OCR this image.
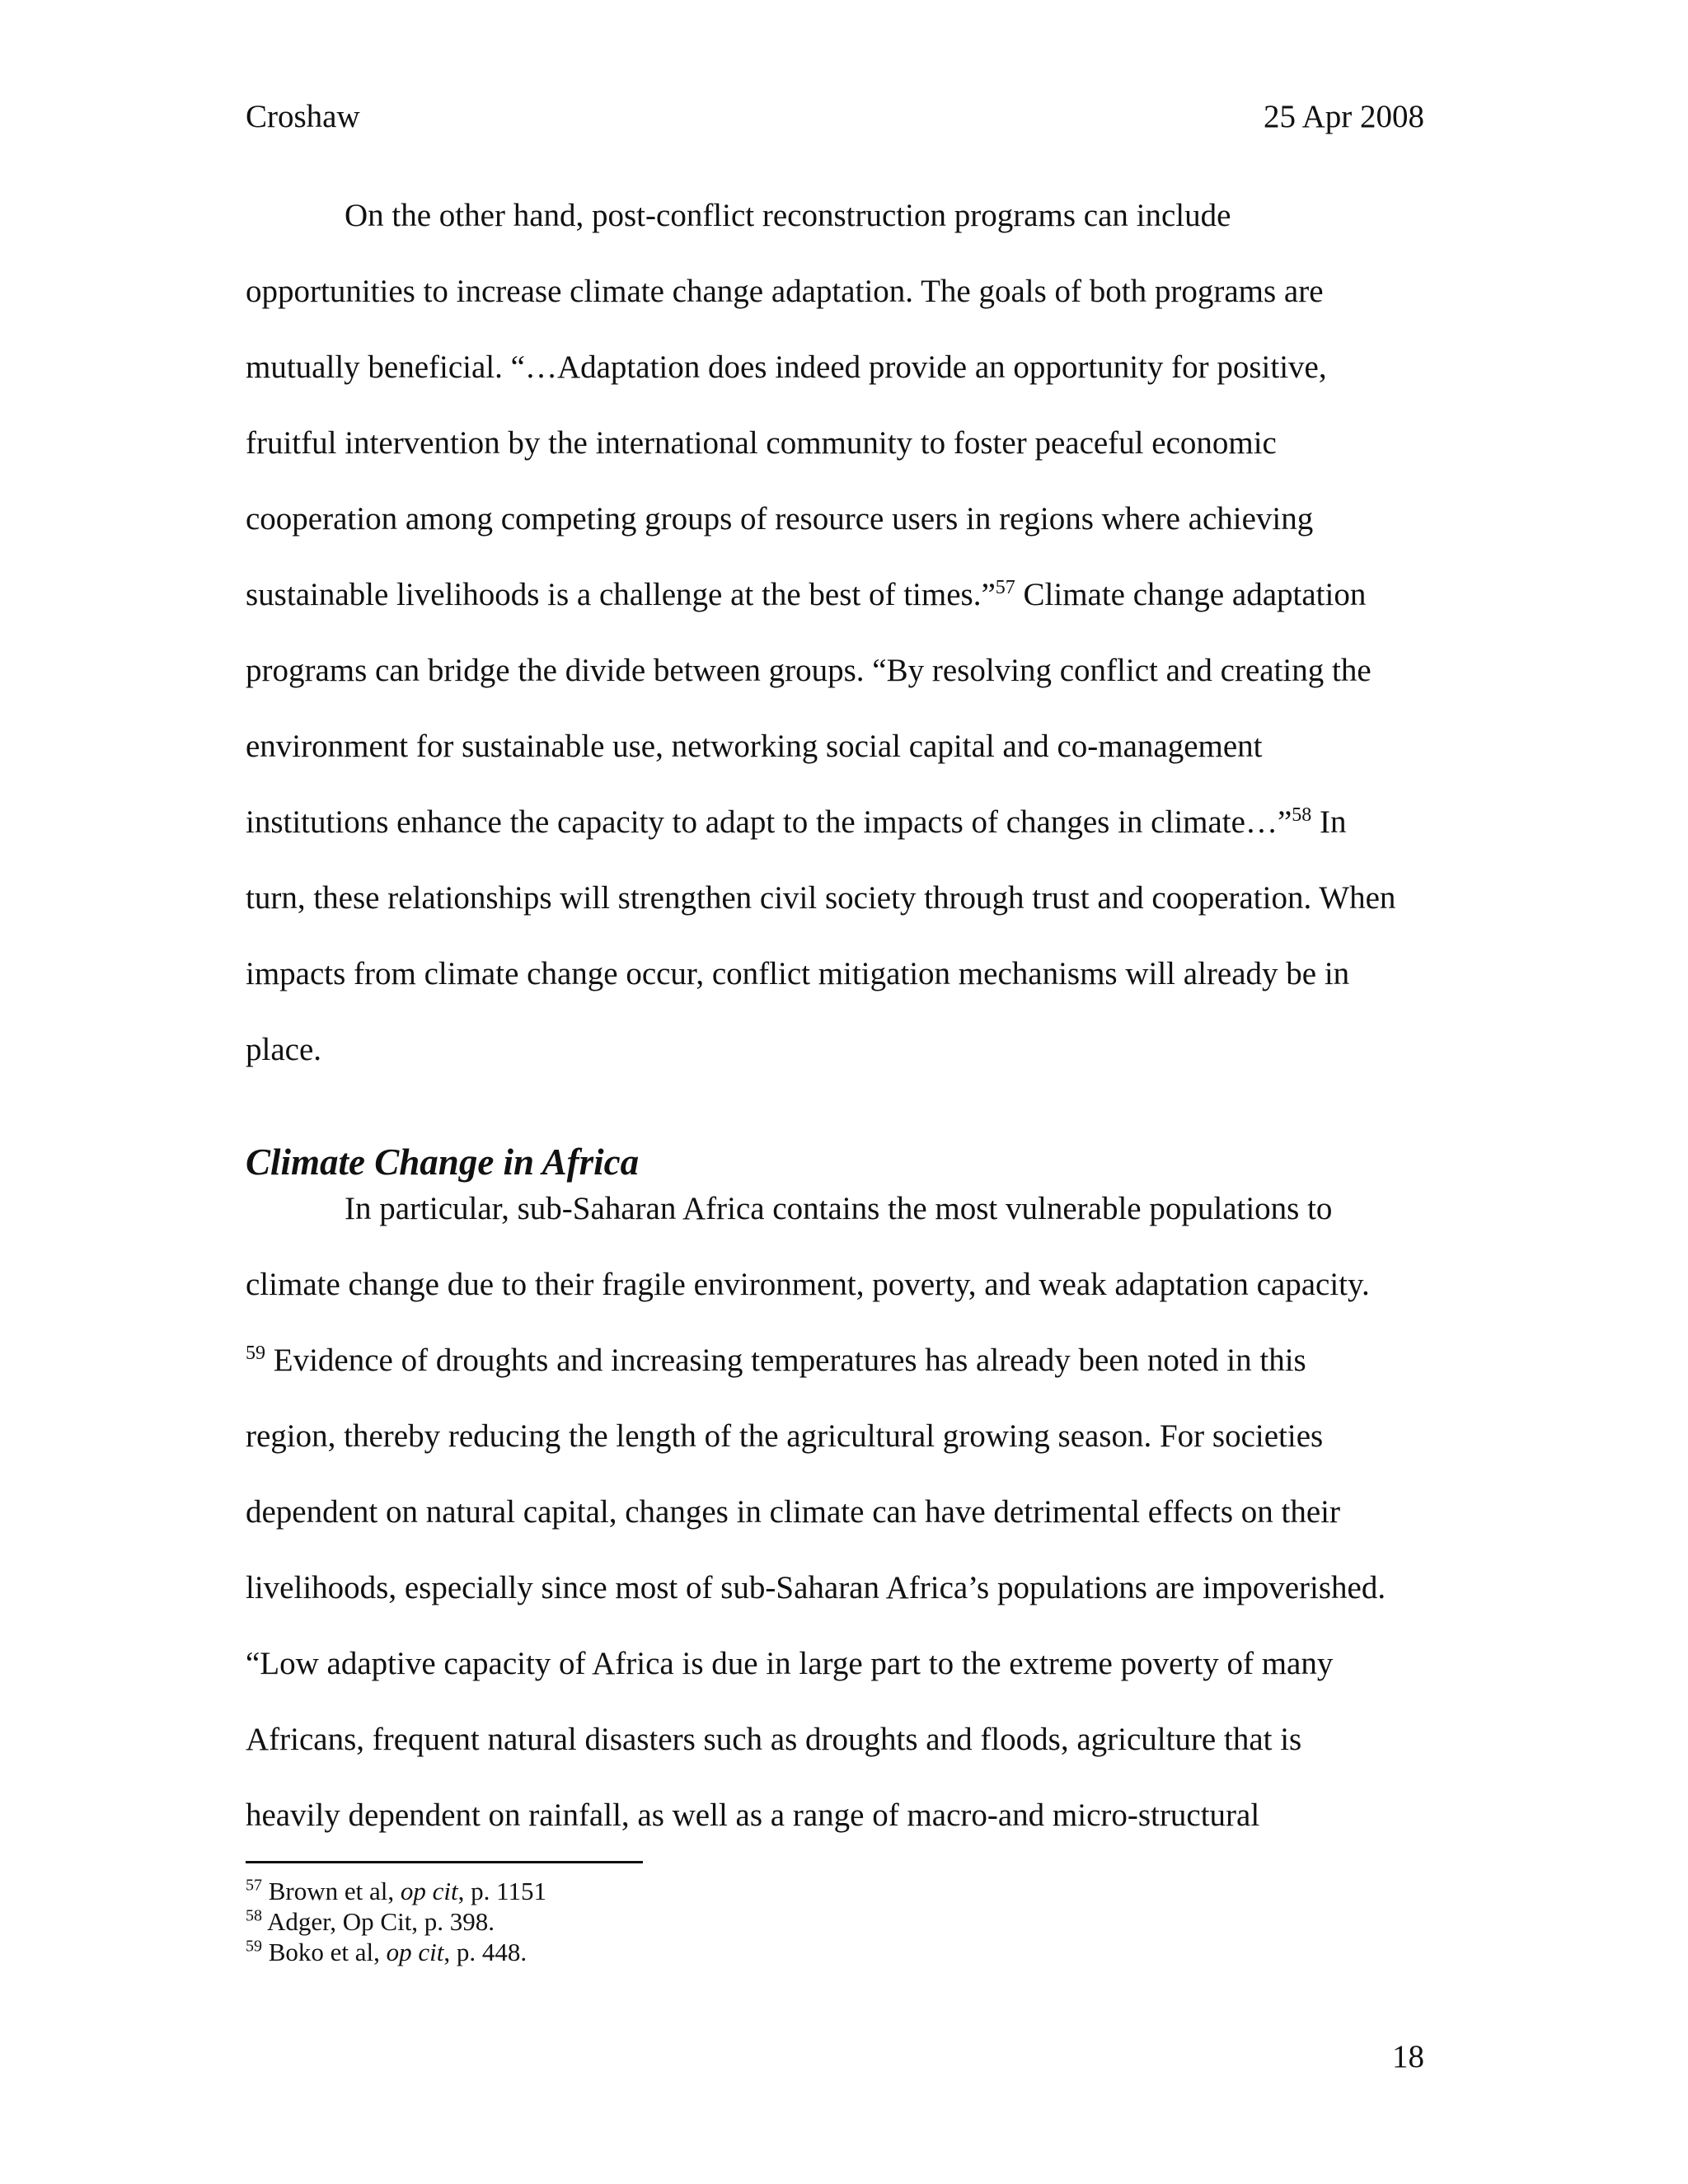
Croshaw	25 Apr 2008
On the other hand, post-conflict reconstruction programs can include
opportunities to increase climate change adaptation. The goals of both programs are
mutually beneficial. “…Adaptation does indeed provide an opportunity for positive,
fruitful intervention by the international community to foster peaceful economic
cooperation among competing groups of resource users in regions where achieving
sustainable livelihoods is a challenge at the best of times.”$^{57}$ Climate change adaptation
programs can bridge the divide between groups. “By resolving conflict and creating the
environment for sustainable use, networking social capital and co-management
institutions enhance the capacity to adapt to the impacts of changes in climate…”$^{58}$ In
turn, these relationships will strengthen civil society through trust and cooperation. When
impacts from climate change occur, conflict mitigation mechanisms will already be in
place.
Climate Change in Africa
In particular, sub-Saharan Africa contains the most vulnerable populations to
climate change due to their fragile environment, poverty, and weak adaptation capacity.
$^{59}$ Evidence of droughts and increasing temperatures has already been noted in this
region, thereby reducing the length of the agricultural growing season. For societies
dependent on natural capital, changes in climate can have detrimental effects on their
livelihoods, especially since most of sub-Saharan Africa’s populations are impoverished.
“Low adaptive capacity of Africa is due in large part to the extreme poverty of many
Africans, frequent natural disasters such as droughts and floods, agriculture that is
heavily dependent on rainfall, as well as a range of macro-and micro-structural
$^{57}$ Brown et al, op cit, p. 1151
$^{58}$ Adger, Op Cit, p. 398.
$^{59}$ Boko et al, op cit, p. 448.
18
